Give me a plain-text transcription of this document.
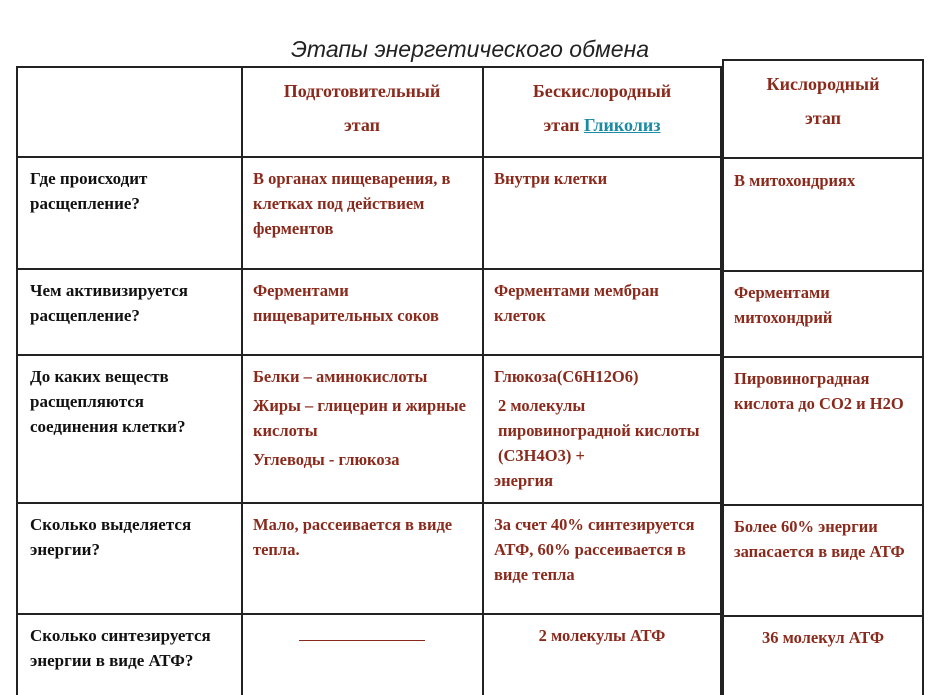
Этапы энергетического обмена
Подготовительный
этап
Бескислородный
этап Гликолиз
Кислородный
этап
Где происходит расщепление?
В органах пищеварения, в клетках под действием ферментов
Внутри клетки	В митохондриях
Чем активизируется расщепление?
Ферментами пищеварительных соков
Ферментами мембран клеток
Ферментами митохондрий
До каких веществ расщепляются соединения клетки?
Белки – аминокислоты
Жиры – глицерин и жирные кислоты
Углеводы - глюкоза
Глюкоза(С6Н12О6)
2 молекулы пировиноградной кислоты (С3Н4О3) +
энергия
Пировиноградная кислота до СО2 и Н2О
Сколько выделяется энергии?
Мало, рассеивается в виде тепла.
За счет 40% синтезируется АТФ, 60% рассеивается в виде тепла
Более 60% энергии запасается в виде АТФ
Сколько синтезируется энергии в виде АТФ?
2 молекулы АТФ	36 молекул АТФ
